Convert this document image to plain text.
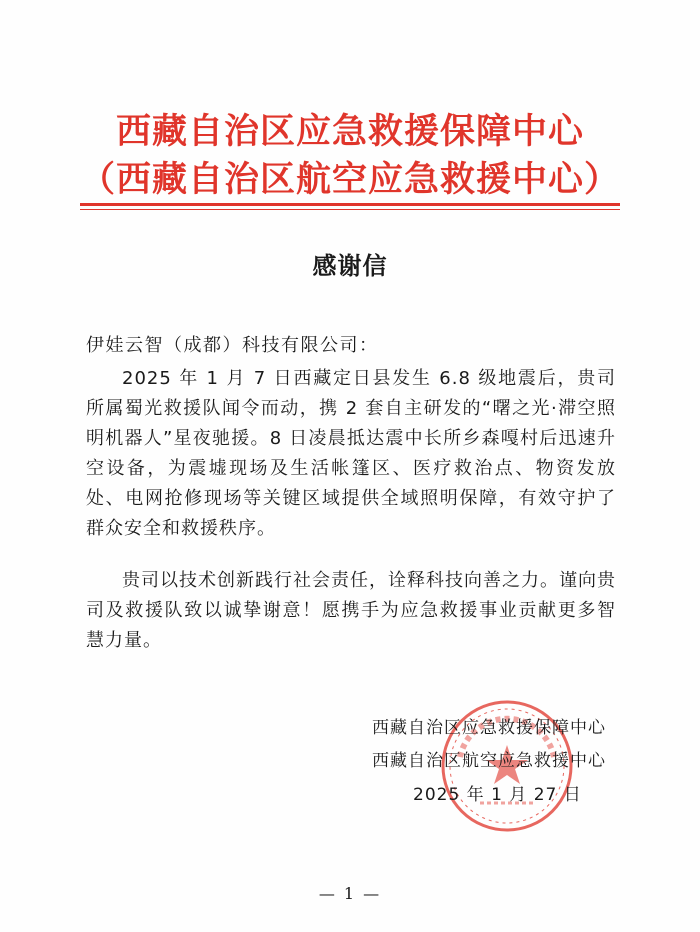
西藏自治区应急救援保障中心
（西藏自治区航空应急救援中心）
感谢信
伊娃云智（成都）科技有限公司：

2025 年 1 月 7 日西藏定日县发生 6.8 级地震后，贵司所属蜀光救援队闻令而动，携 2 套自主研发的“曙之光·滞空照明机器人”星夜驰援。8 日凌晨抵达震中长所乡森嘎村后迅速升空设备，为震墟现场及生活帐篷区、医疗救治点、物资发放处、电网抢修现场等关键区域提供全域照明保障，有效守护了群众安全和救援秩序。

贵司以技术创新践行社会责任，诠释科技向善之力。谨向贵司及救援队致以诚挚谢意！愿携手为应急救援事业贡献更多智慧力量。

西藏自治区应急救援保障中心
西藏自治区航空应急救援中心
2025 年 1 月 27 日
— 1 —
